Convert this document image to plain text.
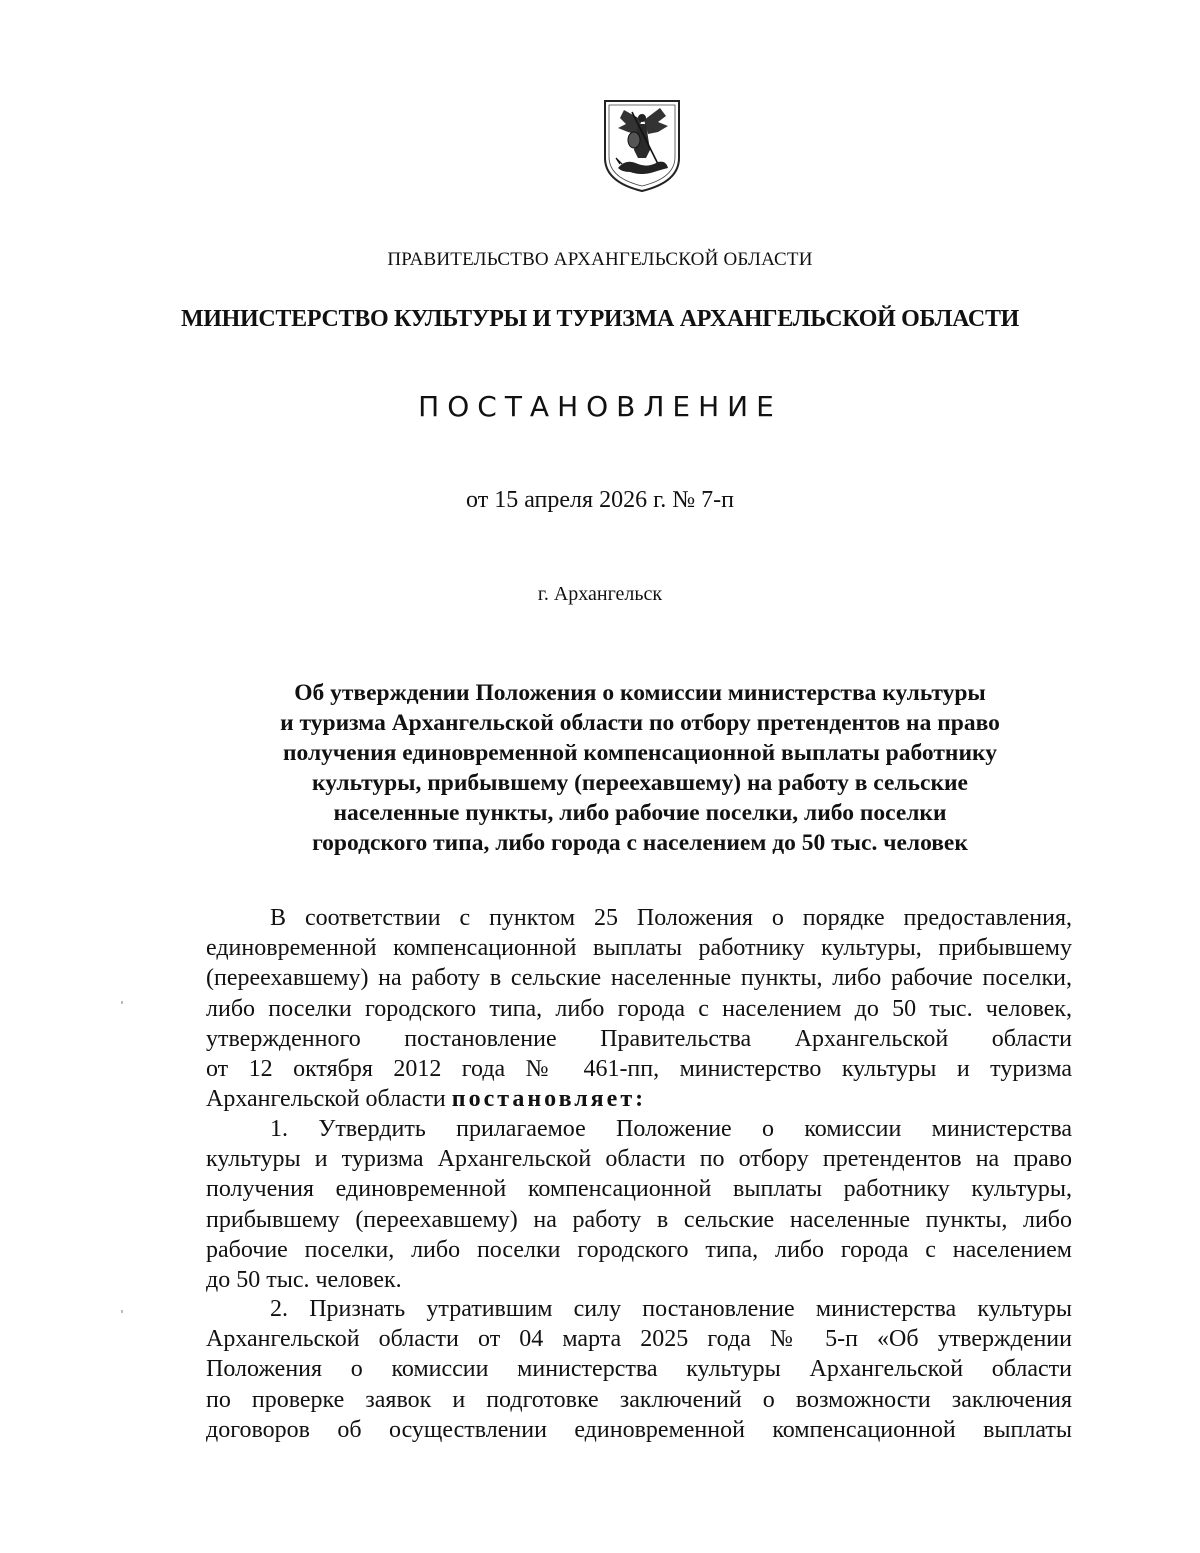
ПРАВИТЕЛЬСТВО АРХАНГЕЛЬСКОЙ ОБЛАСТИ
МИНИСТЕРСТВО КУЛЬТУРЫ И ТУРИЗМА АРХАНГЕЛЬСКОЙ ОБЛАСТИ
ПОСТАНОВЛЕНИЕ
от 15 апреля 2026 г. № 7-п
г. Архангельск
Об утверждении Положения о комиссии министерства культуры
и туризма Архангельской области по отбору претендентов на право
получения единовременной компенсационной выплаты работнику
культуры, прибывшему (переехавшему) на работу в сельские
населенные пункты, либо рабочие поселки, либо поселки
городского типа, либо города с населением до 50 тыс. человек
В соответствии с пунктом 25 Положения о порядке предоставления,
единовременной компенсационной выплаты работнику культуры, прибывшему
(переехавшему) на работу в сельские населенные пункты, либо рабочие поселки,
либо поселки городского типа, либо города с населением до 50 тыс. человек,
утвержденного постановление Правительства Архангельской области
от 12 октября 2012 года № 461-пп, министерство культуры и туризма
Архангельской области постановляет:
1. Утвердить прилагаемое Положение о комиссии министерства
культуры и туризма Архангельской области по отбору претендентов на право
получения единовременной компенсационной выплаты работнику культуры,
прибывшему (переехавшему) на работу в сельские населенные пункты, либо
рабочие поселки, либо поселки городского типа, либо города с населением
до 50 тыс. человек.
2. Признать утратившим силу постановление министерства культуры
Архангельской области от 04 марта 2025 года № 5-п «Об утверждении
Положения о комиссии министерства культуры Архангельской области
по проверке заявок и подготовке заключений о возможности заключения
договоров об осуществлении единовременной компенсационной выплаты
